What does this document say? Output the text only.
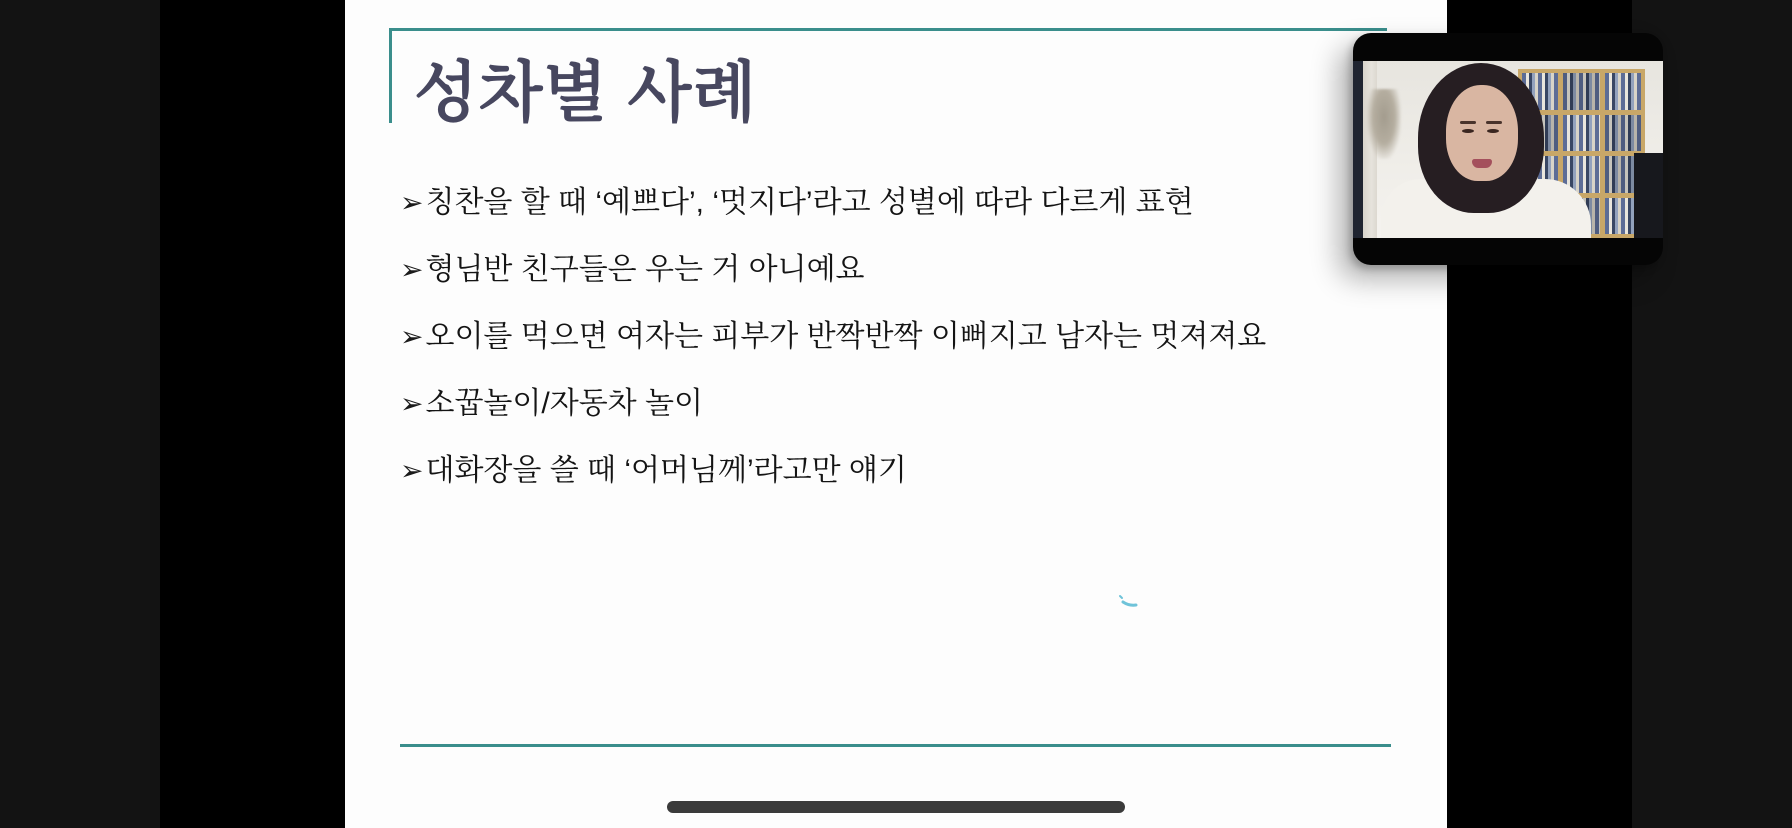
성차별 사례
➢ 칭찬을 할 때 ‘예쁘다’, ‘멋지다’라고 성별에 따라 다르게 표현
➢ 형님반 친구들은 우는 거 아니예요
➢ 오이를 먹으면 여자는 피부가 반짝반짝 이뻐지고 남자는 멋져져요
➢ 소꿉놀이/자동차 놀이
➢ 대화장을 쓸 때 ‘어머님께’라고만 얘기
